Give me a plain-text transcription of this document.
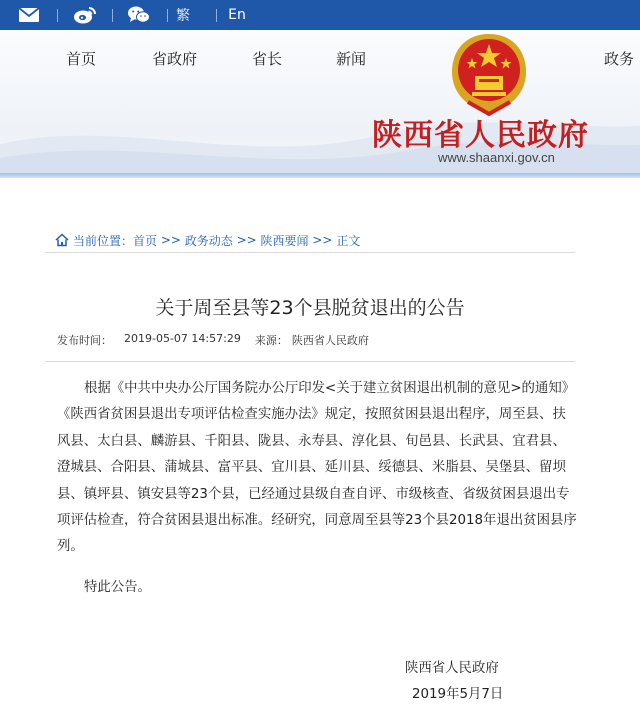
繁	En
首页	省政府	省长	新闻	政务
陕西省人民政府
www.shaanxi.gov.cn
当前位置： 首页 >> 政务动态 >> 陕西要闻 >> 正文
关于周至县等23个县脱贫退出的公告
发布时间： 2019-05-07 14:57:29 来源： 陕西省人民政府

根据《中共中央办公厅国务院办公厅印发<关于建立贫困退出机制的意见>的通知》《陕西省贫困县退出专项评估检查实施办法》规定，按照贫困县退出程序，周至县、扶风县、太白县、麟游县、千阳县、陇县、永寿县、淳化县、旬邑县、长武县、宜君县、澄城县、合阳县、蒲城县、富平县、宜川县、延川县、绥德县、米脂县、吴堡县、留坝县、镇坪县、镇安县等23个县，已经通过县级自查自评、市级核查、省级贫困县退出专项评估检查，符合贫困县退出标准。经研究，同意周至县等23个县2018年退出贫困县序列。

特此公告。
陕西省人民政府
2019年5月7日
